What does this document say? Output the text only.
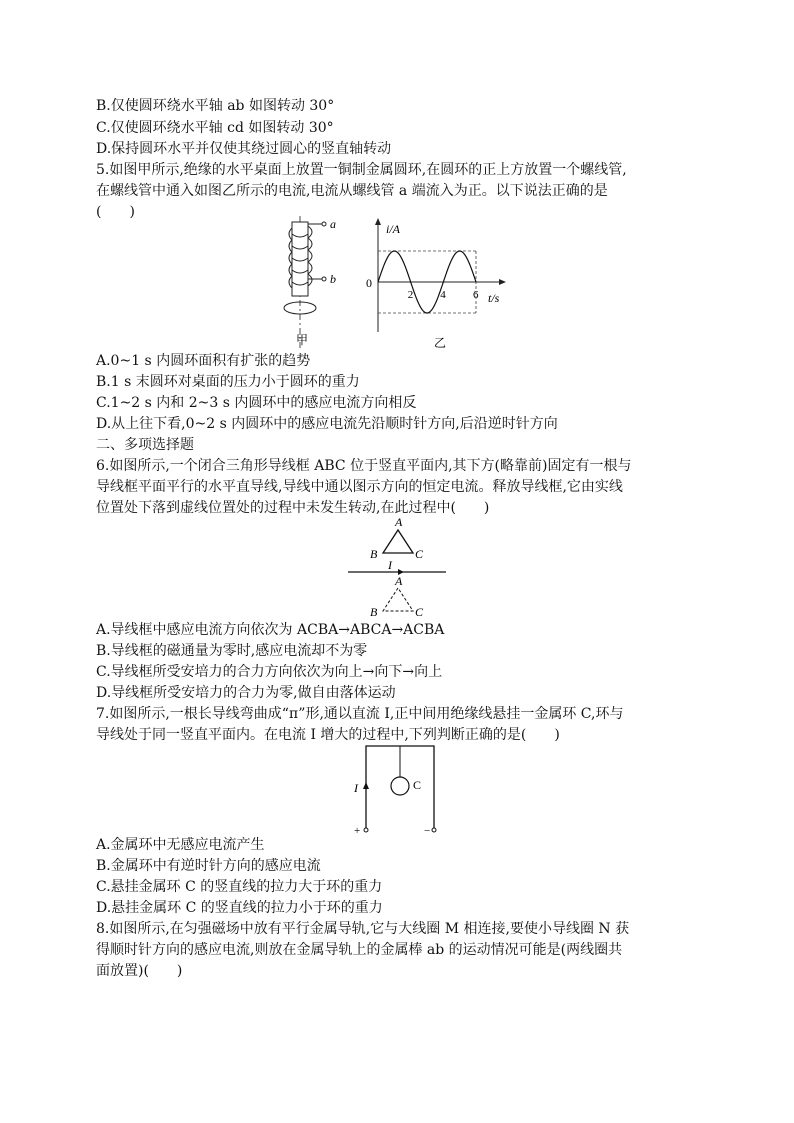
B.仅使圆环绕水平轴 ab 如图转动 30°
C.仅使圆环绕水平轴 cd 如图转动 30°
D.保持圆环水平并仅使其绕过圆心的竖直轴转动
5.如图甲所示,绝缘的水平桌面上放置一铜制金属圆环,在圆环的正上方放置一个螺线管,
在螺线管中通入如图乙所示的电流,电流从螺线管 a 端流入为正。以下说法正确的是
(　　)
a
b
甲
i/A
t/s
0
2 4 6
乙
A.0~1 s 内圆环面积有扩张的趋势
B.1 s 末圆环对桌面的压力小于圆环的重力
C.1~2 s 内和 2~3 s 内圆环中的感应电流方向相反
D.从上往下看,0~2 s 内圆环中的感应电流先沿顺时针方向,后沿逆时针方向
二、多项选择题
6.如图所示,一个闭合三角形导线框 ABC 位于竖直平面内,其下方(略靠前)固定有一根与
导线框平面平行的水平直导线,导线中通以图示方向的恒定电流。释放导线框,它由实线
位置处下落到虚线位置处的过程中未发生转动,在此过程中(　　)
A
B	C
I
A
B	C
A.导线框中感应电流方向依次为 ACBA→ABCA→ACBA
B.导线框的磁通量为零时,感应电流却不为零
C.导线框所受安培力的合力方向依次为向上→向下→向上
D.导线框所受安培力的合力为零,做自由落体运动
7.如图所示,一根长导线弯曲成“п”形,通以直流 I,正中间用绝缘线悬挂一金属环 C,环与
导线处于同一竖直平面内。在电流 I 增大的过程中,下列判断正确的是(　　)
I	C
+	−
A.金属环中无感应电流产生
B.金属环中有逆时针方向的感应电流
C.悬挂金属环 C 的竖直线的拉力大于环的重力
D.悬挂金属环 C 的竖直线的拉力小于环的重力
8.如图所示,在匀强磁场中放有平行金属导轨,它与大线圈 M 相连接,要使小导线圈 N 获
得顺时针方向的感应电流,则放在金属导轨上的金属棒 ab 的运动情况可能是(两线圈共
面放置)(　　)
